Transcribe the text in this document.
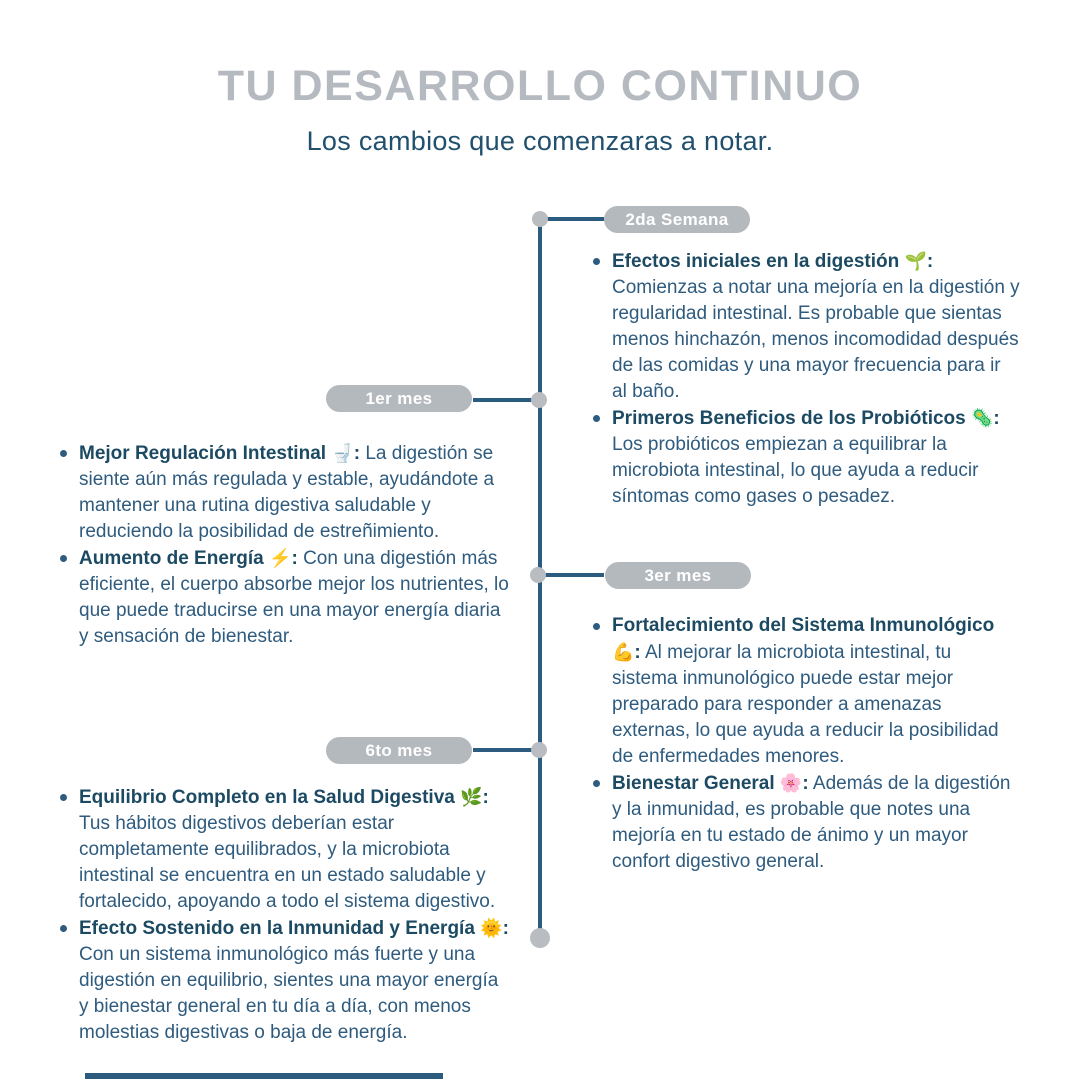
TU DESARROLLO CONTINUO
Los cambios que comenzaras a notar.
2da Semana
1er mes
3er mes
6to mes
Efectos iniciales en la digestión 🌱: Comienzas a notar una mejoría en la digestión y regularidad intestinal. Es probable que sientas menos hinchazón, menos incomodidad después de las comidas y una mayor frecuencia para ir al baño.
Primeros Beneficios de los Probióticos 🦠: Los probióticos empiezan a equilibrar la microbiota intestinal, lo que ayuda a reducir síntomas como gases o pesadez.
Mejor Regulación Intestinal 🚽: La digestión se siente aún más regulada y estable, ayudándote a mantener una rutina digestiva saludable y reduciendo la posibilidad de estreñimiento.
Aumento de Energía ⚡: Con una digestión más eficiente, el cuerpo absorbe mejor los nutrientes, lo que puede traducirse en una mayor energía diaria y sensación de bienestar.
Fortalecimiento del Sistema Inmunológico 💪: Al mejorar la microbiota intestinal, tu sistema inmunológico puede estar mejor preparado para responder a amenazas externas, lo que ayuda a reducir la posibilidad de enfermedades menores.
Bienestar General 🌸: Además de la digestión y la inmunidad, es probable que notes una mejoría en tu estado de ánimo y un mayor confort digestivo general.
Equilibrio Completo en la Salud Digestiva 🌿: Tus hábitos digestivos deberían estar completamente equilibrados, y la microbiota intestinal se encuentra en un estado saludable y fortalecido, apoyando a todo el sistema digestivo.
Efecto Sostenido en la Inmunidad y Energía 🌞: Con un sistema inmunológico más fuerte y una digestión en equilibrio, sientes una mayor energía y bienestar general en tu día a día, con menos molestias digestivas o baja de energía.
